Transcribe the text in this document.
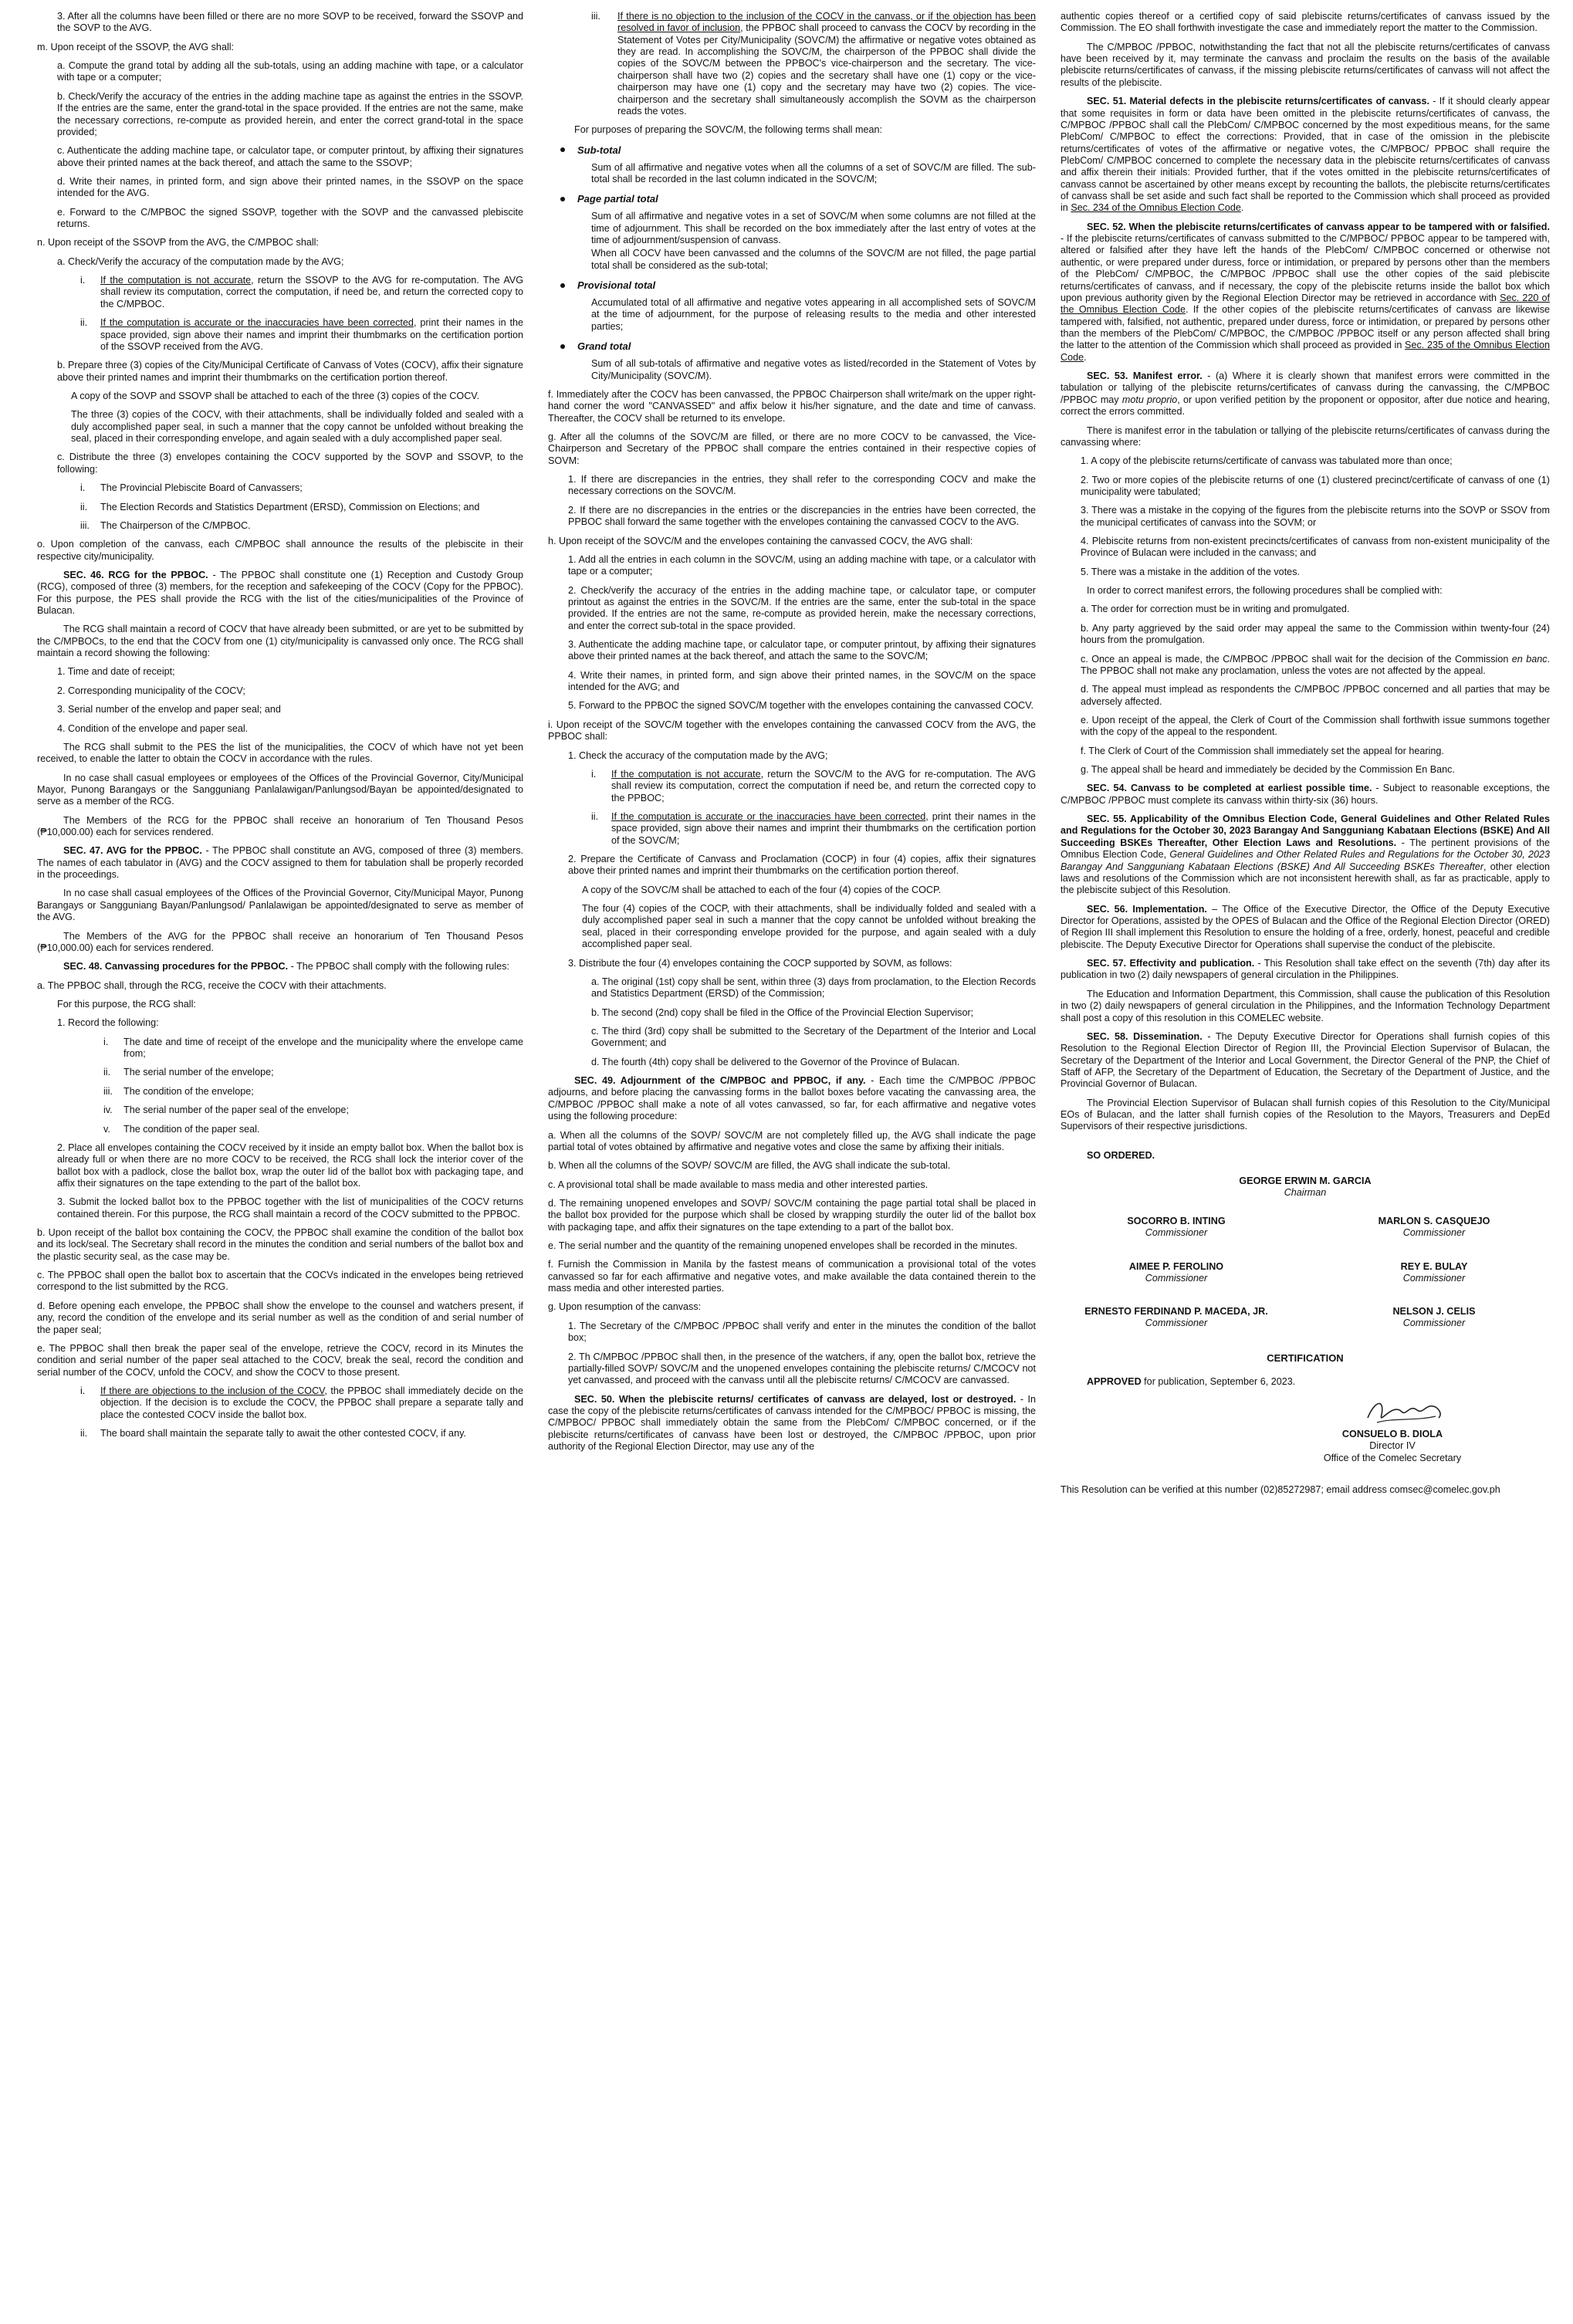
3. After all the columns have been filled or there are no more SOVP to be received, forward the SSOVP and the SOVP to the AVG.
m. Upon receipt of the SSOVP, the AVG shall:
a. Compute the grand total by adding all the sub-totals, using an adding machine with tape, or a calculator with tape or a computer;
b. Check/Verify the accuracy of the entries in the adding machine tape as against the entries in the SSOVP. If the entries are the same, enter the grand-total in the space provided. If the entries are not the same, make the necessary corrections, re-compute as provided herein, and enter the correct grand-total in the space provided;
c. Authenticate the adding machine tape, or calculator tape, or computer printout, by affixing their signatures above their printed names at the back thereof, and attach the same to the SSOVP;
d. Write their names, in printed form, and sign above their printed names, in the SSOVP on the space intended for the AVG.
e. Forward to the C/MPBOC the signed SSOVP, together with the SOVP and the canvassed plebiscite returns.
n. Upon receipt of the SSOVP from the AVG, the C/MPBOC shall:
a. Check/Verify the accuracy of the computation made by the AVG;
i.	If the computation is not accurate, return the SSOVP to the AVG for re-computation. The AVG shall review its computation, correct the computation, if need be, and return the corrected copy to the C/MPBOC.
ii.	If the computation is accurate or the inaccuracies have been corrected, print their names in the space provided, sign above their names and imprint their thumbmarks on the certification portion of the SSOVP received from the AVG.
b. Prepare three (3) copies of the City/Municipal Certificate of Canvass of Votes (COCV), affix their signature above their printed names and imprint their thumbmarks on the certification portion thereof.
A copy of the SOVP and SSOVP shall be attached to each of the three (3) copies of the COCV.
The three (3) copies of the COCV, with their attachments, shall be individually folded and sealed with a duly accomplished paper seal, in such a manner that the copy cannot be unfolded without breaking the seal, placed in their corresponding envelope, and again sealed with a duly accomplished paper seal.
c. Distribute the three (3) envelopes containing the COCV supported by the SOVP and SSOVP, to the following:
i.	The Provincial Plebiscite Board of Canvassers;
ii.	The Election Records and Statistics Department (ERSD), Commission on Elections; and
iii.	The Chairperson of the C/MPBOC.
o. Upon completion of the canvass, each C/MPBOC shall announce the results of the plebiscite in their respective city/municipality.
SEC. 46. RCG for the PPBOC. - The PPBOC shall constitute one (1) Reception and Custody Group (RCG), composed of three (3) members, for the reception and safekeeping of the COCV (Copy for the PPBOC). For this purpose, the PES shall provide the RCG with the list of the cities/municipalities of the Province of Bulacan.
The RCG shall maintain a record of COCV that have already been submitted, or are yet to be submitted by the C/MPBOCs, to the end that the COCV from one (1) city/municipality is canvassed only once. The RCG shall maintain a record showing the following:
1. Time and date of receipt;
2. Corresponding municipality of the COCV;
3. Serial number of the envelop and paper seal; and
4. Condition of the envelope and paper seal.
The RCG shall submit to the PES the list of the municipalities, the COCV of which have not yet been received, to enable the latter to obtain the COCV in accordance with the rules.
In no case shall casual employees or employees of the Offices of the Provincial Governor, City/Municipal Mayor, Punong Barangays or the Sangguniang Panlalawigan/Panlungsod/Bayan be appointed/designated to serve as a member of the RCG.
The Members of the RCG for the PPBOC shall receive an honorarium of Ten Thousand Pesos (₱10,000.00) each for services rendered.
SEC. 47. AVG for the PPBOC. - The PPBOC shall constitute an AVG, composed of three (3) members. The names of each tabulator in (AVG) and the COCV assigned to them for tabulation shall be properly recorded in the proceedings.
In no case shall casual employees of the Offices of the Provincial Governor, City/Municipal Mayor, Punong Barangays or Sangguniang Bayan/Panlungsod/ Panlalawigan be appointed/designated to serve as member of the AVG.
The Members of the AVG for the PPBOC shall receive an honorarium of Ten Thousand Pesos (₱10,000.00) each for services rendered.
SEC. 48. Canvassing procedures for the PPBOC. - The PPBOC shall comply with the following rules:
a. The PPBOC shall, through the RCG, receive the COCV with their attachments.
For this purpose, the RCG shall:
1. Record the following:
i.	The date and time of receipt of the envelope and the municipality where the envelope came from;
ii.	The serial number of the envelope;
iii.	The condition of the envelope;
iv.	The serial number of the paper seal of the envelope;
v.	The condition of the paper seal.
2. Place all envelopes containing the COCV received by it inside an empty ballot box. When the ballot box is already full or when there are no more COCV to be received, the RCG shall lock the interior cover of the ballot box with a padlock, close the ballot box, wrap the outer lid of the ballot box with packaging tape, and affix their signatures on the tape extending to the part of the ballot box.
3. Submit the locked ballot box to the PPBOC together with the list of municipalities of the COCV returns contained therein. For this purpose, the RCG shall maintain a record of the COCV submitted to the PPBOC.
b. Upon receipt of the ballot box containing the COCV, the PPBOC shall examine the condition of the ballot box and its lock/seal. The Secretary shall record in the minutes the condition and serial numbers of the ballot box and the plastic security seal, as the case may be.
c. The PPBOC shall open the ballot box to ascertain that the COCVs indicated in the envelopes being retrieved correspond to the list submitted by the RCG.
d. Before opening each envelope, the PPBOC shall show the envelope to the counsel and watchers present, if any, record the condition of the envelope and its serial number as well as the condition of and serial number of the paper seal;
e. The PPBOC shall then break the paper seal of the envelope, retrieve the COCV, record in its Minutes the condition and serial number of the paper seal attached to the COCV, break the seal, record the condition and serial number of the COCV, unfold the COCV, and show the COCV to those present.
i.	If there are objections to the inclusion of the COCV, the PPBOC shall immediately decide on the objection. If the decision is to exclude the COCV, the PPBOC shall prepare a separate tally and place the contested COCV inside the ballot box.
ii.	The board shall maintain the separate tally to await the other contested COCV, if any.
iii.	If there is no objection to the inclusion of the COCV in the canvass, or if the objection has been resolved in favor of inclusion, the PPBOC shall proceed to canvass the COCV by recording in the Statement of Votes per City/Municipality (SOVC/M) the affirmative or negative votes obtained as they are read. In accomplishing the SOVC/M, the chairperson of the PPBOC shall divide the copies of the SOVC/M between the PPBOC's vice-chairperson and the secretary. The vice-chairperson shall have two (2) copies and the secretary shall have one (1) copy or the vice-chairperson may have one (1) copy and the secretary may have two (2) copies. The vice-chairperson and the secretary shall simultaneously accomplish the SOVM as the chairperson reads the votes.
For purposes of preparing the SOVC/M, the following terms shall mean:
Sub-total
Sum of all affirmative and negative votes when all the columns of a set of SOVC/M are filled. The sub-total shall be recorded in the last column indicated in the SOVC/M;
Page partial total
Sum of all affirmative and negative votes in a set of SOVC/M when some columns are not filled at the time of adjournment. This shall be recorded on the box immediately after the last entry of votes at the time of adjournment/suspension of canvass.
When all COCV have been canvassed and the columns of the SOVC/M are not filled, the page partial total shall be considered as the sub-total;
Provisional total
Accumulated total of all affirmative and negative votes appearing in all accomplished sets of SOVC/M at the time of adjournment, for the purpose of releasing results to the media and other interested parties;
Grand total
Sum of all sub-totals of affirmative and negative votes as listed/recorded in the Statement of Votes by City/Municipality (SOVC/M).
f. Immediately after the COCV has been canvassed, the PPBOC Chairperson shall write/mark on the upper right-hand corner the word "CANVASSED" and affix below it his/her signature, and the date and time of canvass. Thereafter, the COCV shall be returned to its envelope.
g. After all the columns of the SOVC/M are filled, or there are no more COCV to be canvassed, the Vice-Chairperson and Secretary of the PPBOC shall compare the entries contained in their respective copies of SOVM:
1. If there are discrepancies in the entries, they shall refer to the corresponding COCV and make the necessary corrections on the SOVC/M.
2. If there are no discrepancies in the entries or the discrepancies in the entries have been corrected, the PPBOC shall forward the same together with the envelopes containing the canvassed COCV to the AVG.
h. Upon receipt of the SOVC/M and the envelopes containing the canvassed COCV, the AVG shall:
1. Add all the entries in each column in the SOVC/M, using an adding machine with tape, or a calculator with tape or a computer;
2. Check/verify the accuracy of the entries in the adding machine tape, or calculator tape, or computer printout as against the entries in the SOVC/M. If the entries are the same, enter the sub-total in the space provided. If the entries are not the same, re-compute as provided herein, make the necessary corrections, and enter the correct sub-total in the space provided.
3. Authenticate the adding machine tape, or calculator tape, or computer printout, by affixing their signatures above their printed names at the back thereof, and attach the same to the SOVC/M;
4. Write their names, in printed form, and sign above their printed names, in the SOVC/M on the space intended for the AVG; and
5. Forward to the PPBOC the signed SOVC/M together with the envelopes containing the canvassed COCV.
i. Upon receipt of the SOVC/M together with the envelopes containing the canvassed COCV from the AVG, the PPBOC shall:
1. Check the accuracy of the computation made by the AVG;
i.	If the computation is not accurate, return the SOVC/M to the AVG for re-computation. The AVG shall review its computation, correct the computation if need be, and return the corrected copy to the PPBOC;
ii.	If the computation is accurate or the inaccuracies have been corrected, print their names in the space provided, sign above their names and imprint their thumbmarks on the certification portion of the SOVC/M;
2. Prepare the Certificate of Canvass and Proclamation (COCP) in four (4) copies, affix their signatures above their printed names and imprint their thumbmarks on the certification portion thereof.
A copy of the SOVC/M shall be attached to each of the four (4) copies of the COCP.
The four (4) copies of the COCP, with their attachments, shall be individually folded and sealed with a duly accomplished paper seal in such a manner that the copy cannot be unfolded without breaking the seal, placed in their corresponding envelope provided for the purpose, and again sealed with a duly accomplished paper seal.
3. Distribute the four (4) envelopes containing the COCP supported by SOVM, as follows:
a. The original (1st) copy shall be sent, within three (3) days from proclamation, to the Election Records and Statistics Department (ERSD) of the Commission;
b. The second (2nd) copy shall be filed in the Office of the Provincial Election Supervisor;
c. The third (3rd) copy shall be submitted to the Secretary of the Department of the Interior and Local Government; and
d. The fourth (4th) copy shall be delivered to the Governor of the Province of Bulacan.
SEC. 49. Adjournment of the C/MPBOC and PPBOC, if any. - Each time the C/MPBOC /PPBOC adjourns, and before placing the canvassing forms in the ballot boxes before vacating the canvassing area, the C/MPBOC /PPBOC shall make a note of all votes canvassed, so far, for each affirmative and negative votes using the following procedure:
a. When all the columns of the SOVP/ SOVC/M are not completely filled up, the AVG shall indicate the page partial total of votes obtained by affirmative and negative votes and close the same by affixing their initials.
b. When all the columns of the SOVP/ SOVC/M are filled, the AVG shall indicate the sub-total.
c. A provisional total shall be made available to mass media and other interested parties.
d. The remaining unopened envelopes and SOVP/ SOVC/M containing the page partial total shall be placed in the ballot box provided for the purpose which shall be closed by wrapping sturdily the outer lid of the ballot box with packaging tape, and affix their signatures on the tape extending to a part of the ballot box.
e. The serial number and the quantity of the remaining unopened envelopes shall be recorded in the minutes.
f. Furnish the Commission in Manila by the fastest means of communication a provisional total of the votes canvassed so far for each affirmative and negative votes, and make available the data contained therein to the mass media and other interested parties.
g. Upon resumption of the canvass:
1. The Secretary of the C/MPBOC /PPBOC shall verify and enter in the minutes the condition of the ballot box;
2. Th C/MPBOC /PPBOC shall then, in the presence of the watchers, if any, open the ballot box, retrieve the partially-filled SOVP/ SOVC/M and the unopened envelopes containing the plebiscite returns/ C/MCOCV not yet canvassed, and proceed with the canvass until all the plebiscite returns/ C/MCOCV are canvassed.
SEC. 50. When the plebiscite returns/ certificates of canvass are delayed, lost or destroyed. - In case the copy of the plebiscite returns/certificates of canvass intended for the C/MPBOC/ PPBOC is missing, the C/MPBOC/ PPBOC shall immediately obtain the same from the PlebCom/ C/MPBOC concerned, or if the plebiscite returns/certificates of canvass have been lost or destroyed, the C/MPBOC /PPBOC, upon prior authority of the Regional Election Director, may use any of the
authentic copies thereof or a certified copy of said plebiscite returns/certificates of canvass issued by the Commission. The EO shall forthwith investigate the case and immediately report the matter to the Commission.
The C/MPBOC /PPBOC, notwithstanding the fact that not all the plebiscite returns/certificates of canvass have been received by it, may terminate the canvass and proclaim the results on the basis of the available plebiscite returns/certificates of canvass, if the missing plebiscite returns/certificates of canvass will not affect the results of the plebiscite.
SEC. 51. Material defects in the plebiscite returns/certificates of canvass. - If it should clearly appear that some requisites in form or data have been omitted in the plebiscite returns/certificates of canvass, the C/MPBOC /PPBOC shall call the PlebCom/ C/MPBOC concerned by the most expeditious means, for the same PlebCom/ C/MPBOC to effect the corrections: Provided, that in case of the omission in the plebiscite returns/certificates of votes of the affirmative or negative votes, the C/MPBOC/ PPBOC shall require the PlebCom/ C/MPBOC concerned to complete the necessary data in the plebiscite returns/certificates of canvass and affix therein their initials: Provided further, that if the votes omitted in the plebiscite returns/certificates of canvass cannot be ascertained by other means except by recounting the ballots, the plebiscite returns/certificates of canvass shall be set aside and such fact shall be reported to the Commission which shall proceed as provided in Sec. 234 of the Omnibus Election Code.
SEC. 52. When the plebiscite returns/certificates of canvass appear to be tampered with or falsified. - If the plebiscite returns/certificates of canvass submitted to the C/MPBOC/ PPBOC appear to be tampered with, altered or falsified after they have left the hands of the PlebCom/ C/MPBOC concerned or otherwise not authentic, or were prepared under duress, force or intimidation, or prepared by persons other than the members of the PlebCom/ C/MPBOC, the C/MPBOC /PPBOC shall use the other copies of the said plebiscite returns/certificates of canvass, and if necessary, the copy of the plebiscite returns inside the ballot box which upon previous authority given by the Regional Election Director may be retrieved in accordance with Sec. 220 of the Omnibus Election Code. If the other copies of the plebiscite returns/certificates of canvass are likewise tampered with, falsified, not authentic, prepared under duress, force or intimidation, or prepared by persons other than the members of the PlebCom/ C/MPBOC, the C/MPBOC /PPBOC itself or any person affected shall bring the latter to the attention of the Commission which shall proceed as provided in Sec. 235 of the Omnibus Election Code.
SEC. 53. Manifest error. - (a) Where it is clearly shown that manifest errors were committed in the tabulation or tallying of the plebiscite returns/certificates of canvass during the canvassing, the C/MPBOC /PPBOC may motu proprio, or upon verified petition by the proponent or oppositor, after due notice and hearing, correct the errors committed.
There is manifest error in the tabulation or tallying of the plebiscite returns/certificates of canvass during the canvassing where:
1. A copy of the plebiscite returns/certificate of canvass was tabulated more than once;
2. Two or more copies of the plebiscite returns of one (1) clustered precinct/certificate of canvass of one (1) municipality were tabulated;
3. There was a mistake in the copying of the figures from the plebiscite returns into the SOVP or SSOV from the municipal certificates of canvass into the SOVM; or
4. Plebiscite returns from non-existent precincts/certificates of canvass from non-existent municipality of the Province of Bulacan were included in the canvass; and
5. There was a mistake in the addition of the votes.
In order to correct manifest errors, the following procedures shall be complied with:
a. The order for correction must be in writing and promulgated.
b. Any party aggrieved by the said order may appeal the same to the Commission within twenty-four (24) hours from the promulgation.
c. Once an appeal is made, the C/MPBOC /PPBOC shall wait for the decision of the Commission en banc. The PPBOC shall not make any proclamation, unless the votes are not affected by the appeal.
d. The appeal must implead as respondents the C/MPBOC /PPBOC concerned and all parties that may be adversely affected.
e. Upon receipt of the appeal, the Clerk of Court of the Commission shall forthwith issue summons together with the copy of the appeal to the respondent.
f. The Clerk of Court of the Commission shall immediately set the appeal for hearing.
g. The appeal shall be heard and immediately be decided by the Commission En Banc.
SEC. 54. Canvass to be completed at earliest possible time. - Subject to reasonable exceptions, the C/MPBOC /PPBOC must complete its canvass within thirty-six (36) hours.
SEC. 55. Applicability of the Omnibus Election Code, General Guidelines and Other Related Rules and Regulations for the October 30, 2023 Barangay And Sangguniang Kabataan Elections (BSKE) And All Succeeding BSKEs Thereafter, Other Election Laws and Resolutions. - The pertinent provisions of the Omnibus Election Code, General Guidelines and Other Related Rules and Regulations for the October 30, 2023 Barangay And Sangguniang Kabataan Elections (BSKE) And All Succeeding BSKEs Thereafter, other election laws and resolutions of the Commission which are not inconsistent herewith shall, as far as practicable, apply to the plebiscite subject of this Resolution.
SEC. 56. Implementation. – The Office of the Executive Director, the Office of the Deputy Executive Director for Operations, assisted by the OPES of Bulacan and the Office of the Regional Election Director (ORED) of Region III shall implement this Resolution to ensure the holding of a free, orderly, honest, peaceful and credible plebiscite. The Deputy Executive Director for Operations shall supervise the conduct of the plebiscite.
SEC. 57. Effectivity and publication. - This Resolution shall take effect on the seventh (7th) day after its publication in two (2) daily newspapers of general circulation in the Philippines.
The Education and Information Department, this Commission, shall cause the publication of this Resolution in two (2) daily newspapers of general circulation in the Philippines, and the Information Technology Department shall post a copy of this resolution in this COMELEC website.
SEC. 58. Dissemination. - The Deputy Executive Director for Operations shall furnish copies of this Resolution to the Regional Election Director of Region III, the Provincial Election Supervisor of Bulacan, the Secretary of the Department of the Interior and Local Government, the Director General of the PNP, the Chief of Staff of AFP, the Secretary of the Department of Education, the Secretary of the Department of Justice, and the Provincial Governor of Bulacan.
The Provincial Election Supervisor of Bulacan shall furnish copies of this Resolution to the City/Municipal EOs of Bulacan, and the latter shall furnish copies of the Resolution to the Mayors, Treasurers and DepEd Supervisors of their respective jurisdictions.
SO ORDERED.
GEORGE ERWIN M. GARCIA
Chairman
SOCORRO B. INTING
Commissioner
MARLON S. CASQUEJO
Commissioner
AIMEE P. FEROLINO
Commissioner
REY E. BULAY
Commissioner
ERNESTO FERDINAND P. MACEDA, JR.
Commissioner
NELSON J. CELIS
Commissioner
CERTIFICATION
APPROVED for publication, September 6, 2023.
CONSUELO B. DIOLA
Director IV
Office of the Comelec Secretary
This Resolution can be verified at this number (02)85272987; email address comsec@comelec.gov.ph
